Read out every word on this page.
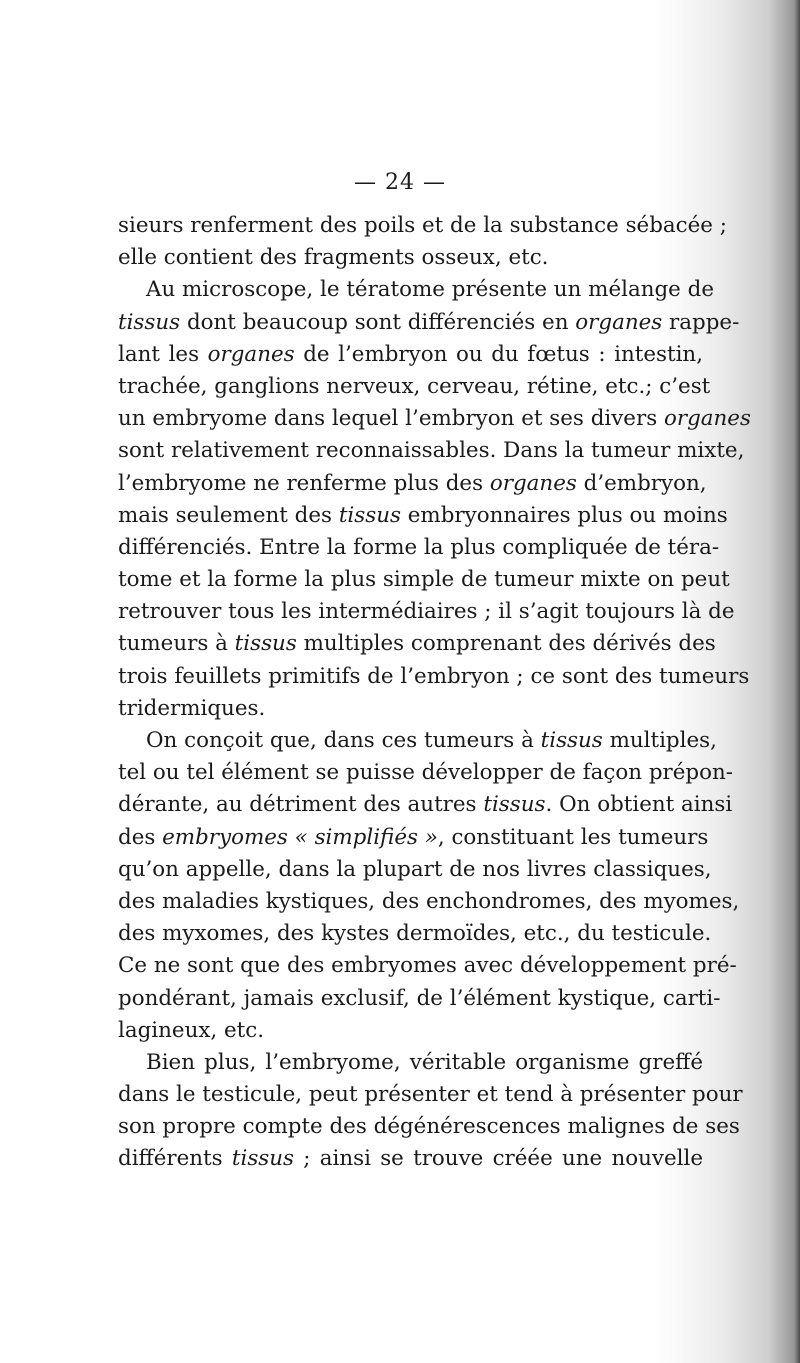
— 24 —
sieurs renferment des poils et de la substance sébacée ;
elle contient des fragments osseux, etc.
Au microscope, le tératome présente un mélange de
tissus dont beaucoup sont différenciés en organes rappe-
lant les organes de l’embryon ou du fœtus : intestin,
trachée, ganglions nerveux, cerveau, rétine, etc.; c’est
un embryome dans lequel l’embryon et ses divers organes
sont relativement reconnaissables. Dans la tumeur mixte,
l’embryome ne renferme plus des organes d’embryon,
mais seulement des tissus embryonnaires plus ou moins
différenciés. Entre la forme la plus compliquée de téra-
tome et la forme la plus simple de tumeur mixte on peut
retrouver tous les intermédiaires ; il s’agit toujours là de
tumeurs à tissus multiples comprenant des dérivés des
trois feuillets primitifs de l’embryon ; ce sont des tumeurs
tridermiques.
On conçoit que, dans ces tumeurs à tissus multiples,
tel ou tel élément se puisse développer de façon prépon-
dérante, au détriment des autres tissus. On obtient ainsi
des embryomes « simplifiés », constituant les tumeurs
qu’on appelle, dans la plupart de nos livres classiques,
des maladies kystiques, des enchondromes, des myomes,
des myxomes, des kystes dermoïdes, etc., du testicule.
Ce ne sont que des embryomes avec développement pré-
pondérant, jamais exclusif, de l’élément kystique, carti-
lagineux, etc.
Bien plus, l’embryome, véritable organisme greffé
dans le testicule, peut présenter et tend à présenter pour
son propre compte des dégénérescences malignes de ses
différents tissus ; ainsi se trouve créée une nouvelle
